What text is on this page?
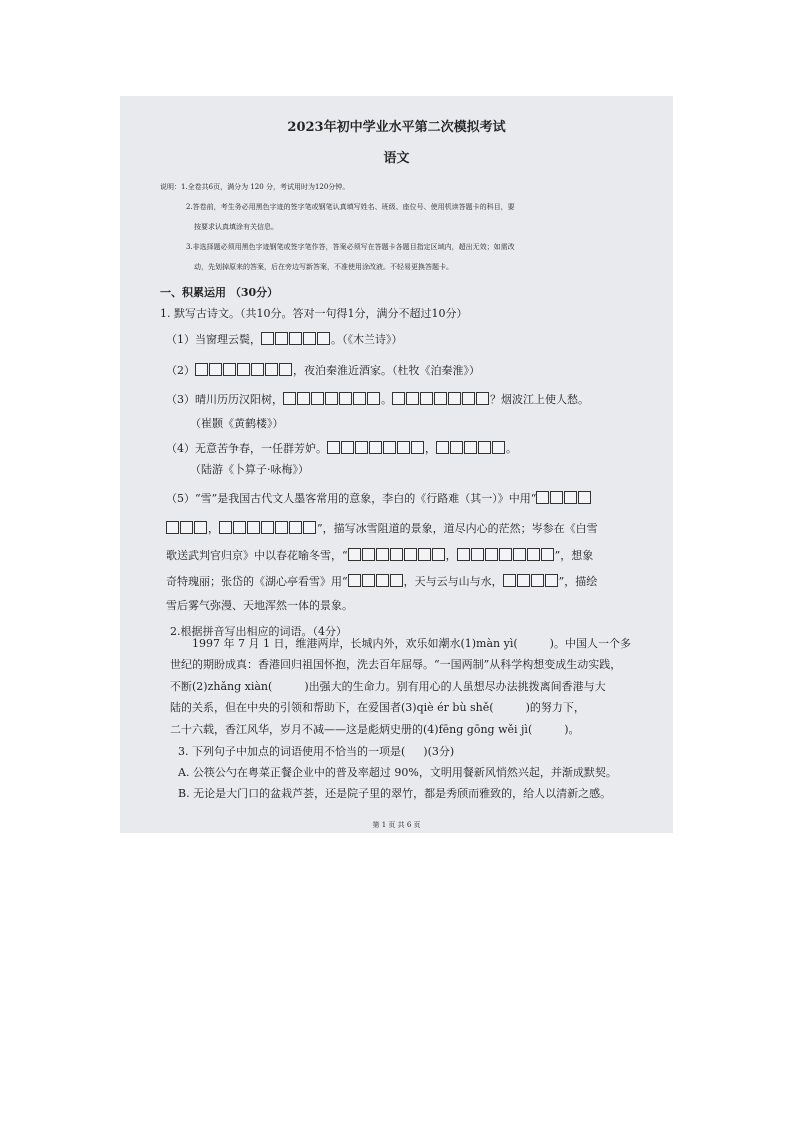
2023年初中学业水平第二次模拟考试
语文
说明：1.全卷共6页，满分为 120 分，考试用时为120分钟。
2.答卷前，考生务必用黑色字迹的签字笔或钢笔认真填写姓名、班级、座位号、使用机读答题卡的科目，要
按要求认真填涂有关信息。
3.非选择题必须用黑色字迹钢笔或签字笔作答，答案必须写在答题卡各题目指定区域内，超出无效；如需改
动，先划掉原来的答案，后在旁边写新答案，不准使用涂改液。不轻易更换答题卡。
一、积累运用 （30分）
1. 默写古诗文。（共10分。答对一句得1分，满分不超过10分）
（1）当窗理云鬓，	。（《木兰诗》）
（2）	，夜泊秦淮近酒家。（杜牧《泊秦淮》）
（3）晴川历历汉阳树，	。	？烟波江上使人愁。
（崔颢《黄鹤楼》）
（4）无意苦争春，一任群芳妒。	，	。
（陆游《卜算子·咏梅》）
（5）“雪”是我国古代文人墨客常用的意象，李白的《行路难（其一）》中用“
，	”，描写冰雪阻道的景象，道尽内心的茫然；岑参在《白雪
歌送武判官归京》中以春花喻冬雪，“	，	”，想象
奇特瑰丽；张岱的《湖心亭看雪》用“	，天与云与山与水，	”，描绘
雪后雾气弥漫、天地浑然一体的景象。
2.根据拼音写出相应的词语。（4分）
1997 年 7 月 1 日，维港两岸，长城内外，欢乐如潮水(1)màn yì(	)。中国人一个多
世纪的期盼成真：香港回归祖国怀抱，洗去百年屈辱。“一国两制”从科学构想变成生动实践，
不断(2)zhǎng xiàn(	)出强大的生命力。别有用心的人虽想尽办法挑拨离间香港与大
陆的关系，但在中央的引领和帮助下，在爱国者(3)qiè ér bù shě(	)的努力下，
二十六载，香江风华，岁月不减——这是彪炳史册的(4)fēng gōng wěi jì(	)。
3. 下列句子中加点的词语使用不恰当的一项是( )(3分)
A. 公筷公勺在粤菜正餐企业中的普及率超过 90%，文明用餐新风悄然兴起，并渐成默契。
B. 无论是大门口的盆栽芦荟，还是院子里的翠竹，都是秀颀而雅致的，给人以清新之感。
第 1 页 共 6 页
